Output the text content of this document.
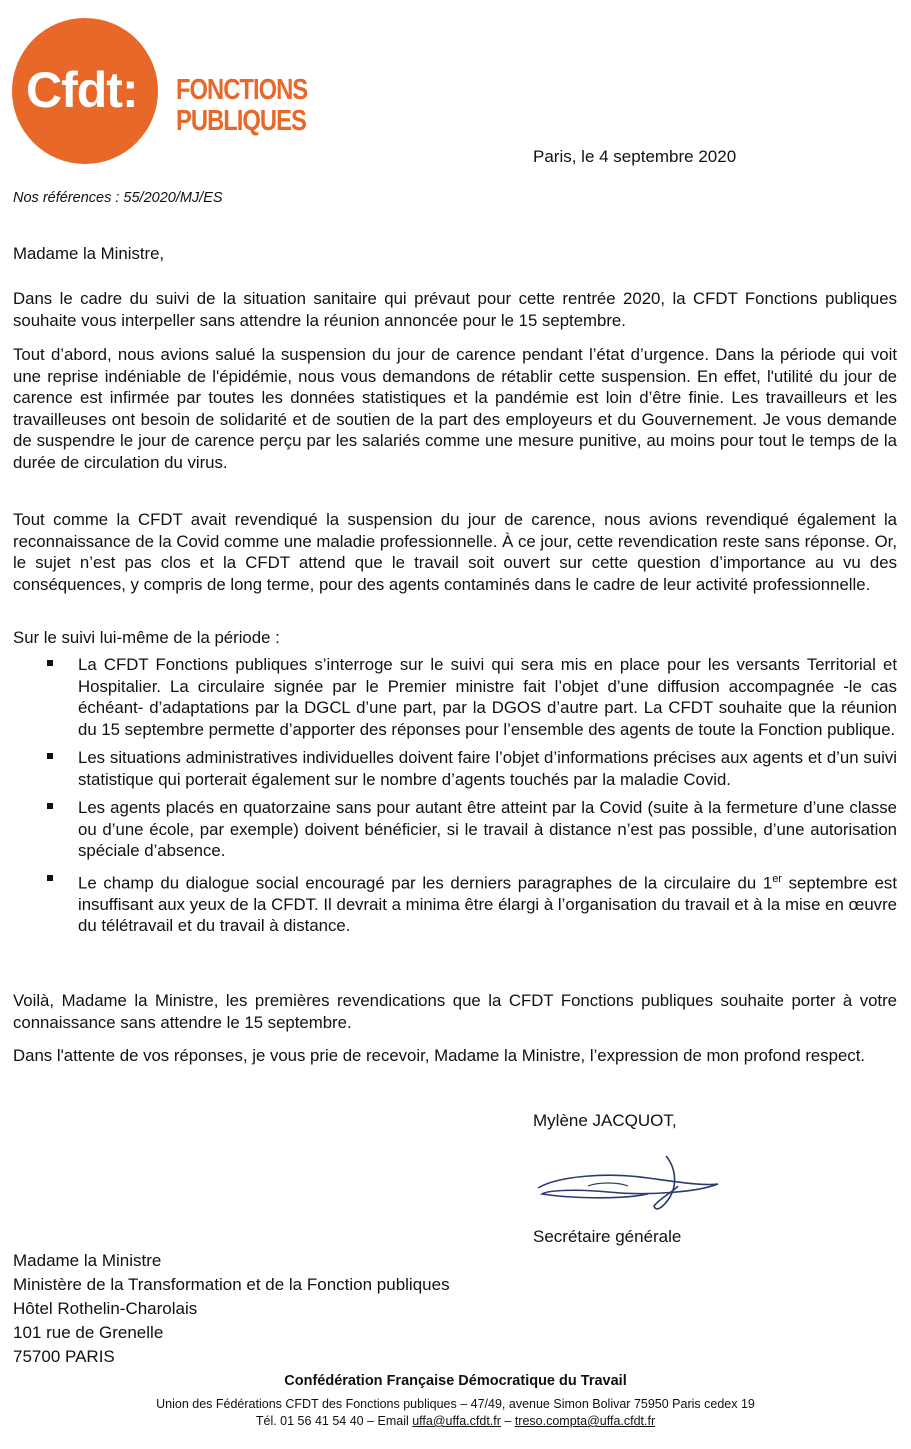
Cfdt: FONCTIONS
PUBLIQUES
Paris, le 4 septembre 2020
Nos références : 55/2020/MJ/ES
Madame la Ministre,
Dans le cadre du suivi de la situation sanitaire qui prévaut pour cette rentrée 2020, la CFDT Fonctions publiques souhaite vous interpeller sans attendre la réunion annoncée pour le 15 septembre.
Tout d’abord, nous avions salué la suspension du jour de carence pendant l’état d’urgence. Dans la période qui voit une reprise indéniable de l'épidémie, nous vous demandons de rétablir cette suspension. En effet, l'utilité du jour de carence est infirmée par toutes les données statistiques et la pandémie est loin d’être finie. Les travailleurs et les travailleuses ont besoin de solidarité et de soutien de la part des employeurs et du Gouvernement. Je vous demande de suspendre le jour de carence perçu par les salariés comme une mesure punitive, au moins pour tout le temps de la durée de circulation du virus.
Tout comme la CFDT avait revendiqué la suspension du jour de carence, nous avions revendiqué également la reconnaissance de la Covid comme une maladie professionnelle. À ce jour, cette revendication reste sans réponse. Or, le sujet n’est pas clos et la CFDT attend que le travail soit ouvert sur cette question d’importance au vu des conséquences, y compris de long terme, pour des agents contaminés dans le cadre de leur activité professionnelle.
Sur le suivi lui-même de la période :
La CFDT Fonctions publiques s’interroge sur le suivi qui sera mis en place pour les versants Territorial et Hospitalier. La circulaire signée par le Premier ministre fait l’objet d’une diffusion accompagnée -le cas échéant- d’adaptations par la DGCL d’une part, par la DGOS d’autre part. La CFDT souhaite que la réunion du 15 septembre permette d’apporter des réponses pour l’ensemble des agents de toute la Fonction publique.
Les situations administratives individuelles doivent faire l’objet d’informations précises aux agents et d’un suivi statistique qui porterait également sur le nombre d’agents touchés par la maladie Covid.
Les agents placés en quatorzaine sans pour autant être atteint par la Covid (suite à la fermeture d’une classe ou d’une école, par exemple) doivent bénéficier, si le travail à distance n’est pas possible, d’une autorisation spéciale d’absence.
Le champ du dialogue social encouragé par les derniers paragraphes de la circulaire du 1er septembre est insuffisant aux yeux de la CFDT. Il devrait a minima être élargi à l’organisation du travail et à la mise en œuvre du télétravail et du travail à distance.
Voilà, Madame la Ministre, les premières revendications que la CFDT Fonctions publiques souhaite porter à votre connaissance sans attendre le 15 septembre.
Dans l'attente de vos réponses, je vous prie de recevoir, Madame la Ministre, l’expression de mon profond respect.
Mylène JACQUOT,
Secrétaire générale
Madame la Ministre
Ministère de la Transformation et de la Fonction publiques
Hôtel Rothelin-Charolais
101 rue de Grenelle
75700 PARIS
Confédération Française Démocratique du Travail
Union des Fédérations CFDT des Fonctions publiques – 47/49, avenue Simon Bolivar 75950 Paris cedex 19
Tél. 01 56 41 54 40 – Email uffa@uffa.cfdt.fr – treso.compta@uffa.cfdt.fr
